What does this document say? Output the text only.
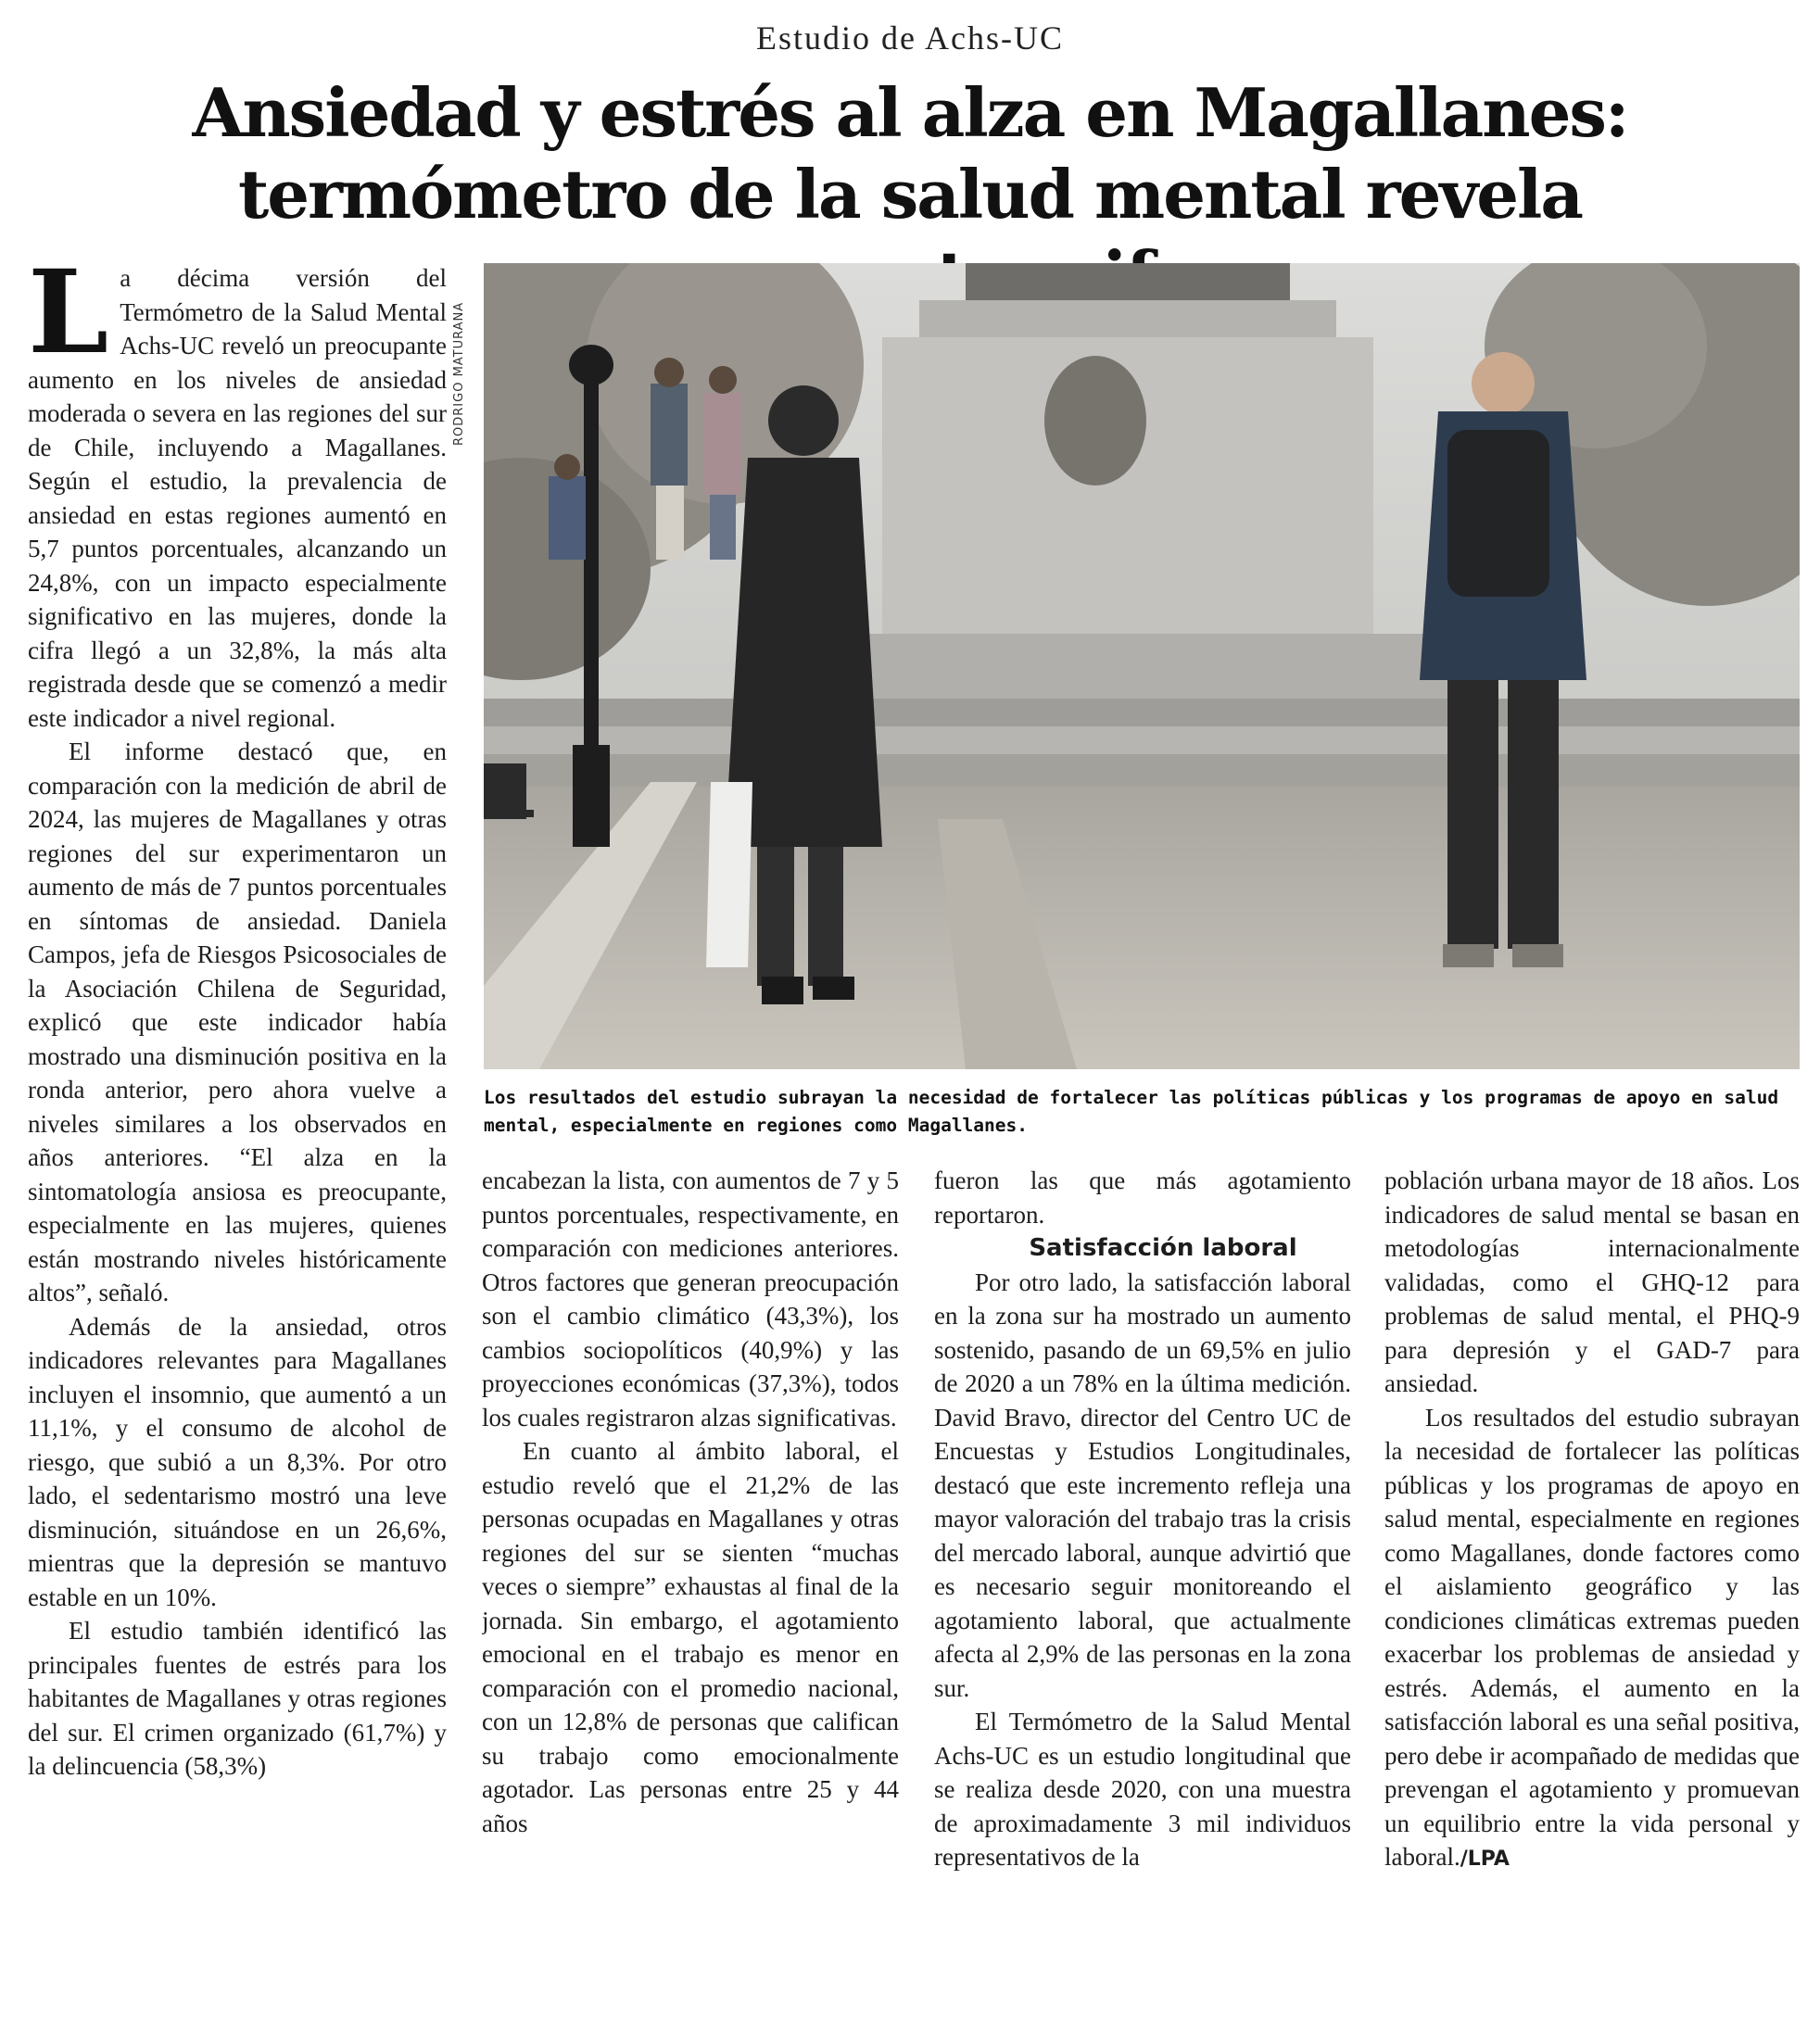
Estudio de Achs-UC
Ansiedad y estrés al alza en Magallanes: termómetro de la salud mental revela

La décima versión del Termómetro de la Salud Mental Achs-UC reveló un preocupante aumento en los niveles de ansiedad moderada o severa en las regiones del sur de Chile, incluyendo a Magallanes. Según el estudio, la prevalencia de ansiedad en estas regiones aumentó en 5,7 puntos porcentuales, alcanzando un 24,8%, con un impacto especialmente significativo en las mujeres, donde la cifra llegó a un 32,8%, la más alta registrada desde que se comenzó a medir este indicador a nivel regional.

El informe destacó que, en comparación con la medición de abril de 2024, las mujeres de Magallanes y otras regiones del sur experimentaron un aumento de más de 7 puntos porcentuales en síntomas de ansiedad. Daniela Campos, jefa de Riesgos Psicosociales de la Asociación Chilena de Seguridad, explicó que este indicador había mostrado una disminución positiva en la ronda anterior, pero ahora vuelve a niveles similares a los observados en años anteriores. “El alza en la sintomatología ansiosa es preocupante, especialmente en las mujeres, quienes están mostrando niveles históricamente altos”, señaló.

Además de la ansiedad, otros indicadores relevantes para Magallanes incluyen el insomnio, que aumentó a un 11,1%, y el consumo de alcohol de riesgo, que subió a un 8,3%. Por otro lado, el sedentarismo mostró una leve disminución, situándose en un 26,6%, mientras que la depresión se mantuvo estable en un 10%.

El estudio también identificó las principales fuentes de estrés para los habitantes de Magallanes y otras regiones del sur. El crimen organizado (61,7%) y la delincuencia (58,3%)

RODRIGO MATURANA

Los resultados del estudio subrayan la necesidad de fortalecer las políticas públicas y los programas de apoyo en salud mental, especialmente en regiones como Magallanes.

encabezan la lista, con aumentos de 7 y 5 puntos porcentuales, respectivamente, en comparación con mediciones anteriores. Otros factores que generan preocupación son el cambio climático (43,3%), los cambios sociopolíticos (40,9%) y las proyecciones económicas (37,3%), todos los cuales registraron alzas significativas.

En cuanto al ámbito laboral, el estudio reveló que el 21,2% de las personas ocupadas en Magallanes y otras regiones del sur se sienten “muchas veces o siempre” exhaustas al final de la jornada. Sin embargo, el agotamiento emocional en el trabajo es menor en comparación con el promedio nacional, con un 12,8% de personas que califican su trabajo como emocionalmente agotador. Las personas entre 25 y 44 años

fueron las que más agotamiento reportaron.

Satisfacción laboral

Por otro lado, la satisfacción laboral en la zona sur ha mostrado un aumento sostenido, pasando de un 69,5% en julio de 2020 a un 78% en la última medición. David Bravo, director del Centro UC de Encuestas y Estudios Longitudinales, destacó que este incremento refleja una mayor valoración del trabajo tras la crisis del mercado laboral, aunque advirtió que es necesario seguir monitoreando el agotamiento laboral, que actualmente afecta al 2,9% de las personas en la zona sur.

El Termómetro de la Salud Mental Achs-UC es un estudio longitudinal que se realiza desde 2020, con una muestra de aproximadamente 3 mil individuos representativos de la

población urbana mayor de 18 años. Los indicadores de salud mental se basan en metodologías internacionalmente validadas, como el GHQ-12 para problemas de salud mental, el PHQ-9 para depresión y el GAD-7 para ansiedad.

Los resultados del estudio subrayan la necesidad de fortalecer las políticas públicas y los programas de apoyo en salud mental, especialmente en regiones como Magallanes, donde factores como el aislamiento geográfico y las condiciones climáticas extremas pueden exacerbar los problemas de ansiedad y estrés. Además, el aumento en la satisfacción laboral es una señal positiva, pero debe ir acompañado de medidas que prevengan el agotamiento y promuevan un equilibrio entre la vida personal y laboral./LPA
